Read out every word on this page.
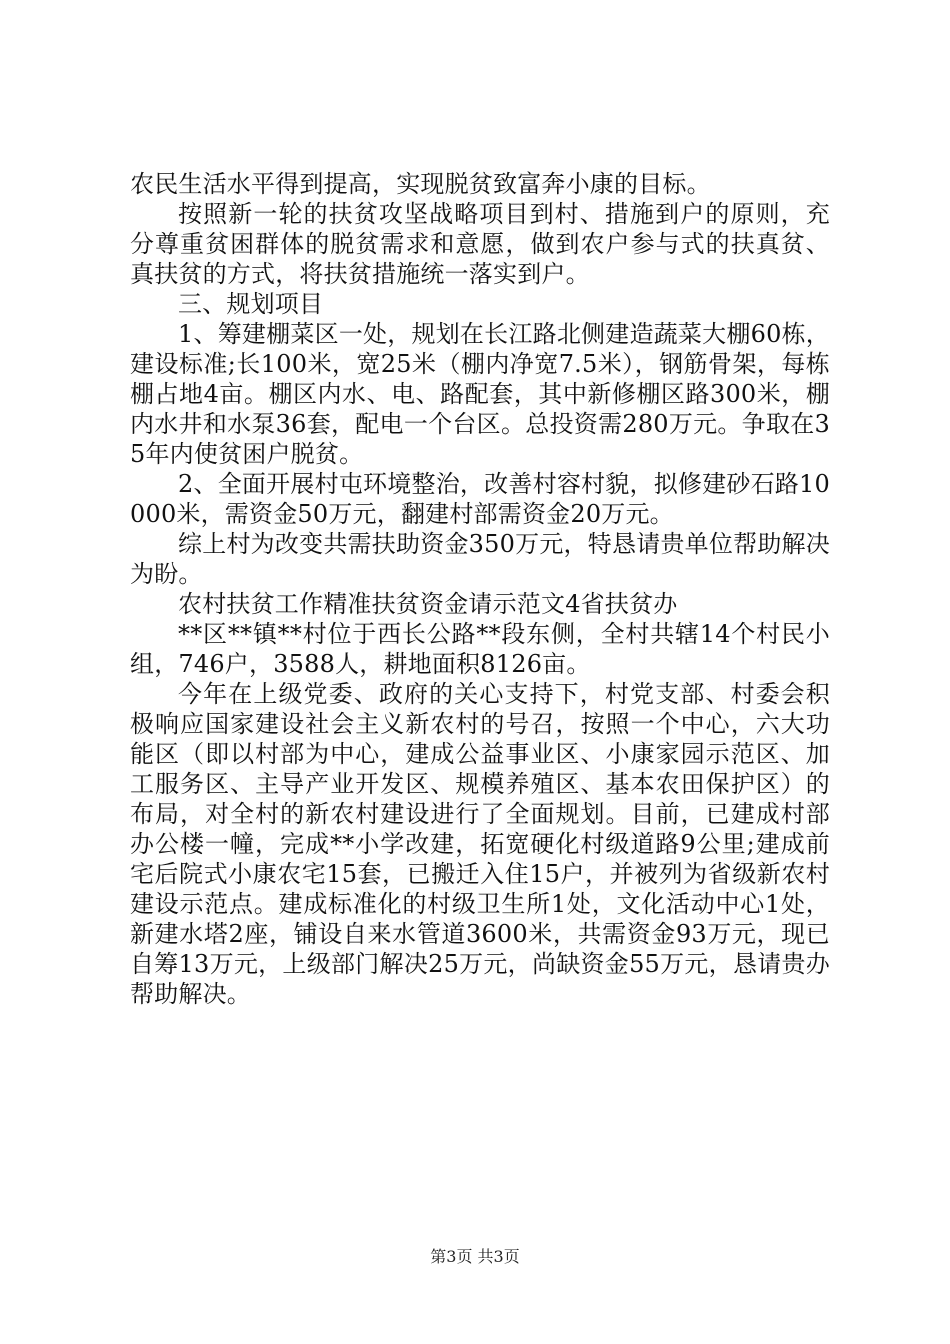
农民生活水平得到提高，实现脱贫致富奔小康的目标。

按照新一轮的扶贫攻坚战略项目到村、措施到户的原则，充分尊重贫困群体的脱贫需求和意愿，做到农户参与式的扶真贫、真扶贫的方式，将扶贫措施统一落实到户。

三、规划项目

1、筹建棚菜区一处，规划在长江路北侧建造蔬菜大棚60栋，建设标准;长100米，宽25米（棚内净宽7.5米），钢筋骨架，每栋棚占地4亩。棚区内水、电、路配套，其中新修棚区路300米，棚内水井和水泵36套，配电一个台区。总投资需280万元。争取在35年内使贫困户脱贫。

2、全面开展村屯环境整治，改善村容村貌，拟修建砂石路10000米，需资金50万元，翻建村部需资金20万元。

综上村为改变共需扶助资金350万元，特恳请贵单位帮助解决为盼。

农村扶贫工作精准扶贫资金请示范文4省扶贫办

**区**镇**村位于西长公路**段东侧，全村共辖14个村民小组，746户，3588人，耕地面积8126亩。

今年在上级党委、政府的关心支持下，村党支部、村委会积极响应国家建设社会主义新农村的号召，按照一个中心，六大功能区（即以村部为中心，建成公益事业区、小康家园示范区、加工服务区、主导产业开发区、规模养殖区、基本农田保护区）的布局，对全村的新农村建设进行了全面规划。目前，已建成村部办公楼一幢，完成**小学改建，拓宽硬化村级道路9公里;建成前宅后院式小康农宅15套，已搬迁入住15户，并被列为省级新农村建设示范点。建成标准化的村级卫生所1处，文化活动中心1处，新建水塔2座，铺设自来水管道3600米，共需资金93万元，现已自筹13万元，上级部门解决25万元，尚缺资金55万元，恳请贵办帮助解决。

第3页 共3页
